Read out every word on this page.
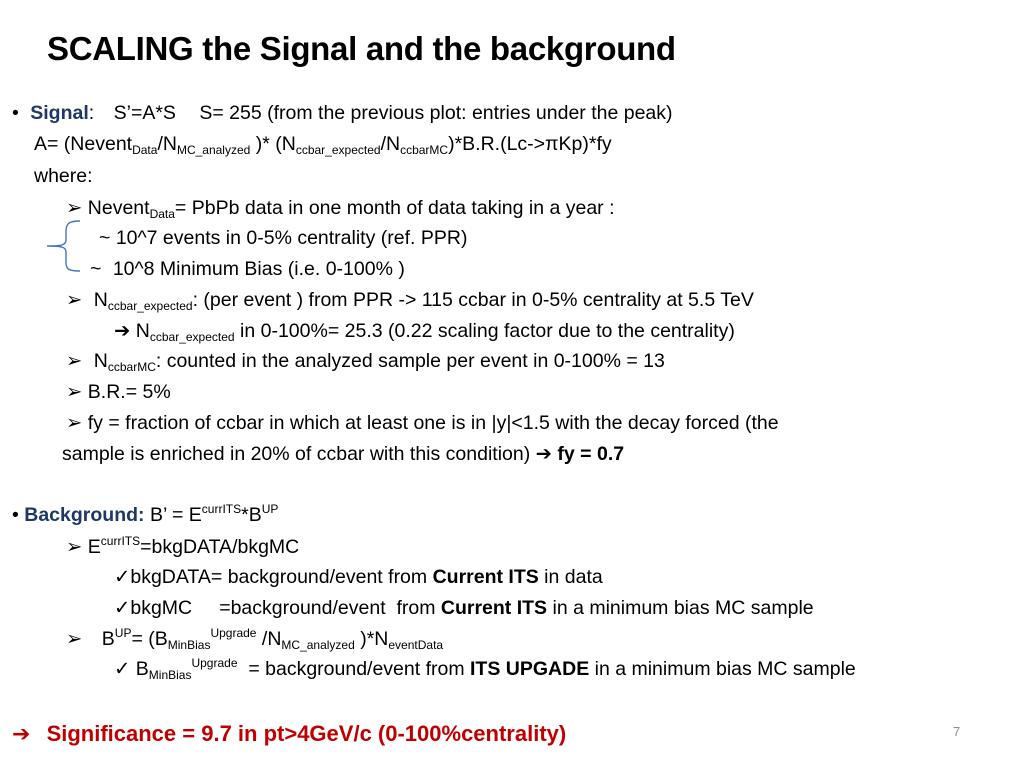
SCALING the Signal and the background
• Signal: S’=A*S S= 255 (from the previous plot: entries under the peak)
$A= (Nevent_{Data}/N_{MC\_analyzed}$ )* $(N_{ccbar\_expected}/N_{ccbarMC})*B.R.(Lc->\pi Kp)*fy$
where:
➢ Nevent$_{Data}$= PbPb data in one month of data taking in a year :
~ 10^7 events in 0-5% centrality (ref. PPR)
~ 10^8 Minimum Bias (i.e. 0-100% )
➢ $N_{ccbar\_expected}$: (per event ) from PPR -> 115 ccbar in 0-5% centrality at 5.5 TeV
➔ $N_{ccbar\_expected}$ in 0-100%= 25.3 (0.22 scaling factor due to the centrality)
➢ $N_{ccbarMC}$: counted in the analyzed sample per event in 0-100% = 13
➢ B.R.= 5%
➢ fy = fraction of ccbar in which at least one is in |y|<1.5 with the decay forced (the
sample is enriched in 20% of ccbar with this condition) ➔ fy = 0.7
• Background: B’ = $E^{currITS}*B^{UP}$
➢ $E^{currITS}=bkgDATA$/bkgMC
✓bkgDATA= background/event from Current ITS in data
✓bkgMC     =background/event  from Current ITS in a minimum bias MC sample
➢ $B^{UP}= (B_{MinBias}^{Upgrade}$ $/N_{MC\_analyzed}$ )$*N_{eventData}$
✓ $B_{MinBias}^{Upgrade}$  = background/event from ITS UPGADE in a minimum bias MC sample
➔ Significance = 9.7 in pt>4GeV/c (0-100%centrality)	7
